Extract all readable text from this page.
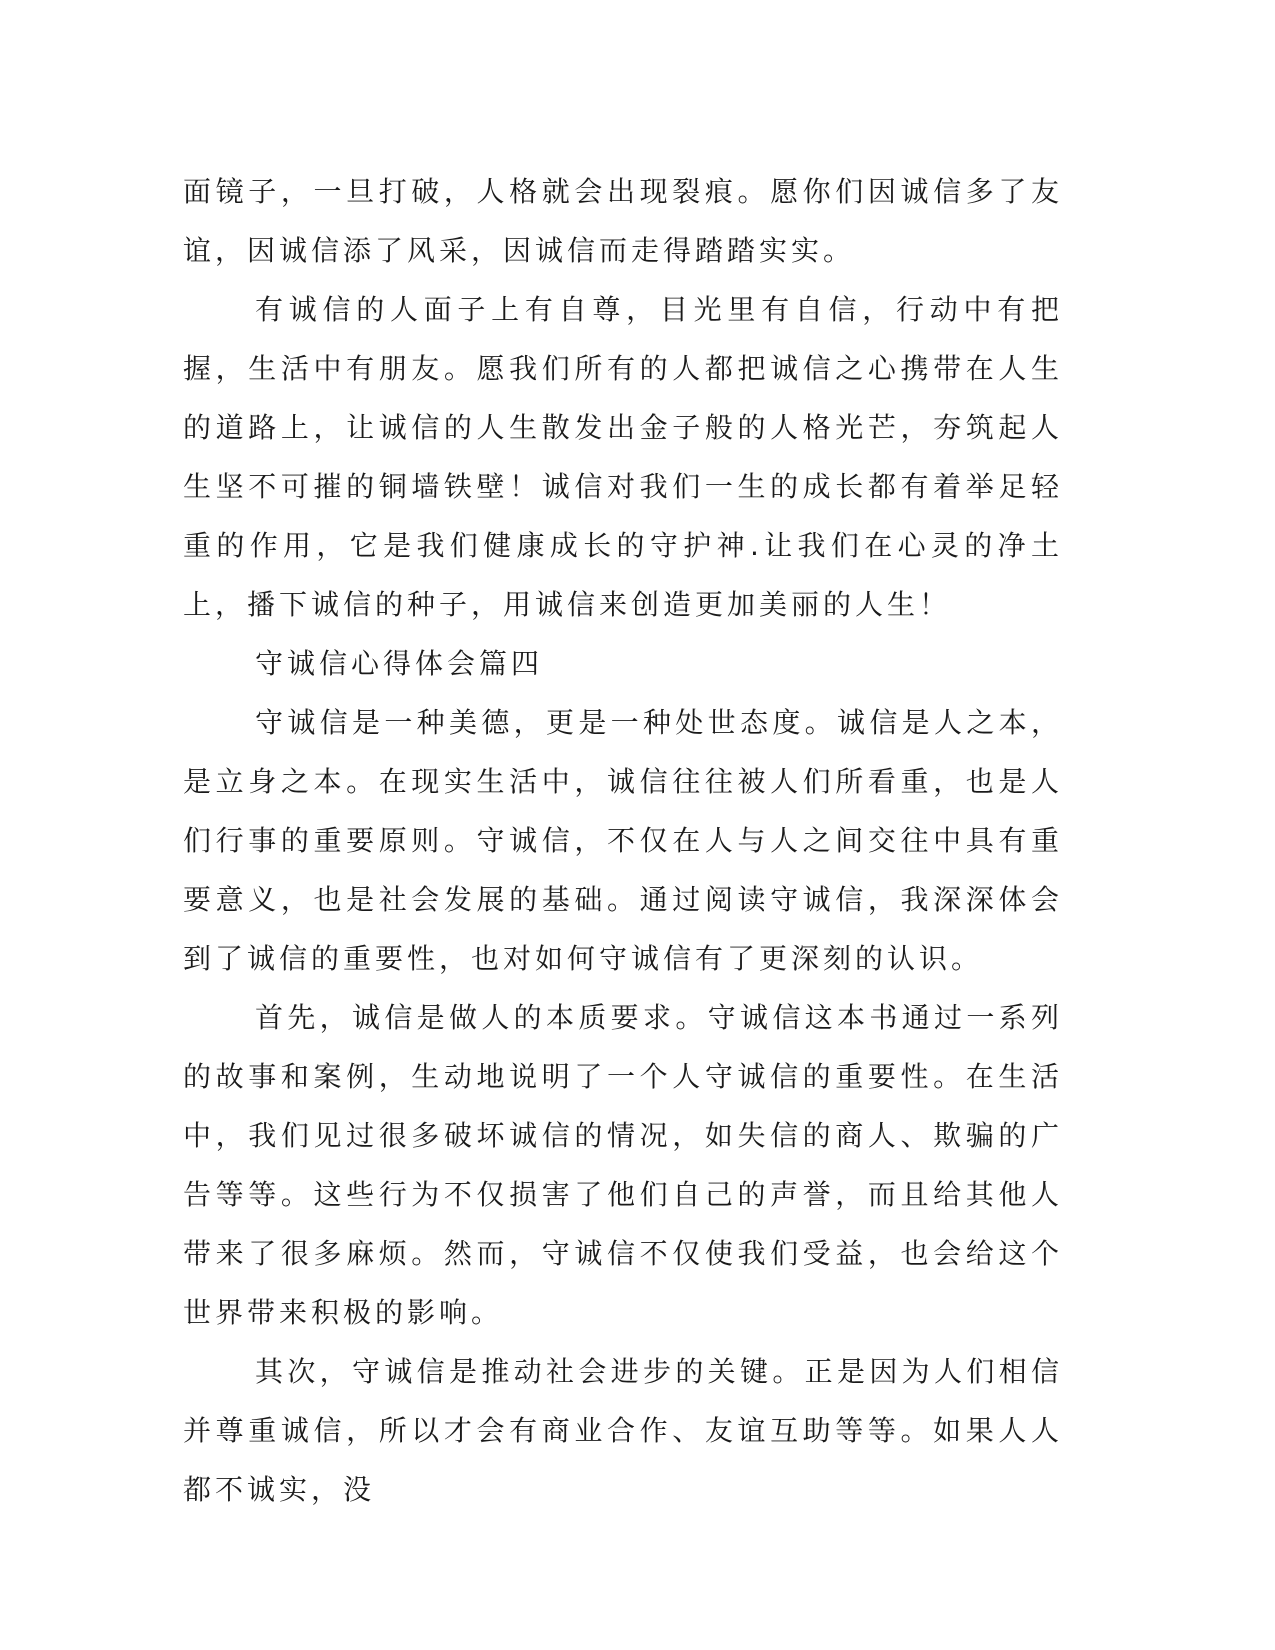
面镜子，一旦打破，人格就会出现裂痕。愿你们因诚信多了友谊，因诚信添了风采，因诚信而走得踏踏实实。

有诚信的人面子上有自尊，目光里有自信，行动中有把握，生活中有朋友。愿我们所有的人都把诚信之心携带在人生的道路上，让诚信的人生散发出金子般的人格光芒，夯筑起人生坚不可摧的铜墙铁壁！诚信对我们一生的成长都有着举足轻重的作用，它是我们健康成长的守护神.让我们在心灵的净土上，播下诚信的种子，用诚信来创造更加美丽的人生！

守诚信心得体会篇四

守诚信是一种美德，更是一种处世态度。诚信是人之本，是立身之本。在现实生活中，诚信往往被人们所看重，也是人们行事的重要原则。守诚信，不仅在人与人之间交往中具有重要意义，也是社会发展的基础。通过阅读守诚信，我深深体会到了诚信的重要性，也对如何守诚信有了更深刻的认识。

首先，诚信是做人的本质要求。守诚信这本书通过一系列的故事和案例，生动地说明了一个人守诚信的重要性。在生活中，我们见过很多破坏诚信的情况，如失信的商人、欺骗的广告等等。这些行为不仅损害了他们自己的声誉，而且给其他人带来了很多麻烦。然而，守诚信不仅使我们受益，也会给这个世界带来积极的影响。

其次，守诚信是推动社会进步的关键。正是因为人们相信并尊重诚信，所以才会有商业合作、友谊互助等等。如果人人都不诚实，没
